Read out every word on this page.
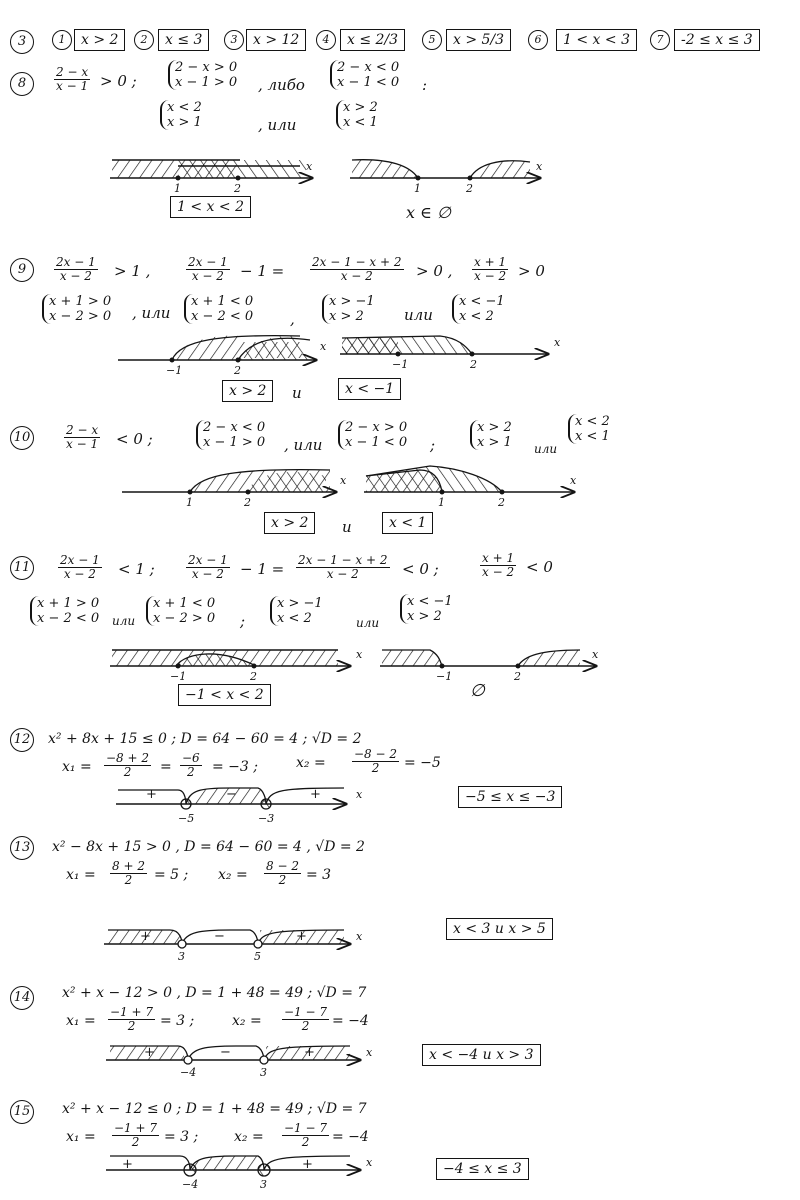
3	1	x > 2	2	x ≤ 3	3	x > 12	4	x ≤ 2/3	5	x > 5/3	6	1 < x < 3	7	-2 ≤ x ≤ 3
8	$\frac{2 - x}{x - 1} > 0$ ;
2 − x > 0
x − 1 > 0 , либо
2 − x < 0
x − 1 < 0 :
x < 2
x > 1	, или
x > 2
x < 1
1	2
x
1	2
x
1 < x < 2	x ∈ ∅
9	$\frac{2x - 1}{x - 2} > 1$ ,	$\frac{2x - 1}{x - 2} - 1 = \frac{2x - 1 - x + 2}{x - 2} > 0$ , $\frac{x + 1}{x - 2} > 0$
x + 1 > 0
x − 2 > 0 , или
x + 1 < 0
x − 2 < 0 ,
x > −1
x > 2	или
x < −1
x < 2
−1	2
x
−1	2
x
x > 2	и	x < −1
10	$\frac{2 - x}{x - 1} < 0$ ;
2 − x < 0
x − 1 > 0 , или
2 − x > 0
x − 1 < 0 ;
x > 2
x > 1 или
x < 2
x < 1
1	2
x
1	2
x
x > 2	и	x < 1
11	$\frac{2x - 1}{x - 2} < 1$ ;	$\frac{2x - 1}{x - 2} - 1 = \frac{2x - 1 - x + 2}{x - 2} < 0$ ;	$\frac{x + 1}{x - 2} < 0$
x + 1 > 0
x − 2 < 0 или
x + 1 < 0
x − 2 > 0 ;
x > −1
x < 2	или
x < −1
x > 2
−1	2
x
−1	2
x
−1 < x < 2	∅
12 x² + 8x + 15 ≤ 0 ; D = 64 − 60 = 4 ; √D = 2
$x_1 = \frac{-8 + 2}{2} = \frac{-6}{2} = -3$ ;	$x_2 = \frac{-8 - 2}{2} = -5$
+	−	+
−5	−3
x	−5 ≤ x ≤ −3
13 x² − 8x + 15 > 0 , D = 64 − 60 = 4 , √D = 2
$x_1 = \frac{8 + 2}{2} = 5$ ; $x_2 = \frac{8 - 2}{2} = 3$
+	−	+
3	5
x	x < 3 и x > 5
14 x² + x − 12 > 0 , D = 1 + 48 = 49 ; √D = 7
$x_1 = \frac{-1 + 7}{2} = 3$ ;	$x_2 = \frac{-1 - 7}{2} = -4$
+	−	+
−4	3
x	x < −4 и x > 3
15 x² + x − 12 ≤ 0 ; D = 1 + 48 = 49 ; √D = 7
$x_1 = \frac{-1 + 7}{2} = 3$ ;	$x_2 = \frac{-1 - 7}{2} = -4$
+
−
+
−4	3
x	−4 ≤ x ≤ 3
